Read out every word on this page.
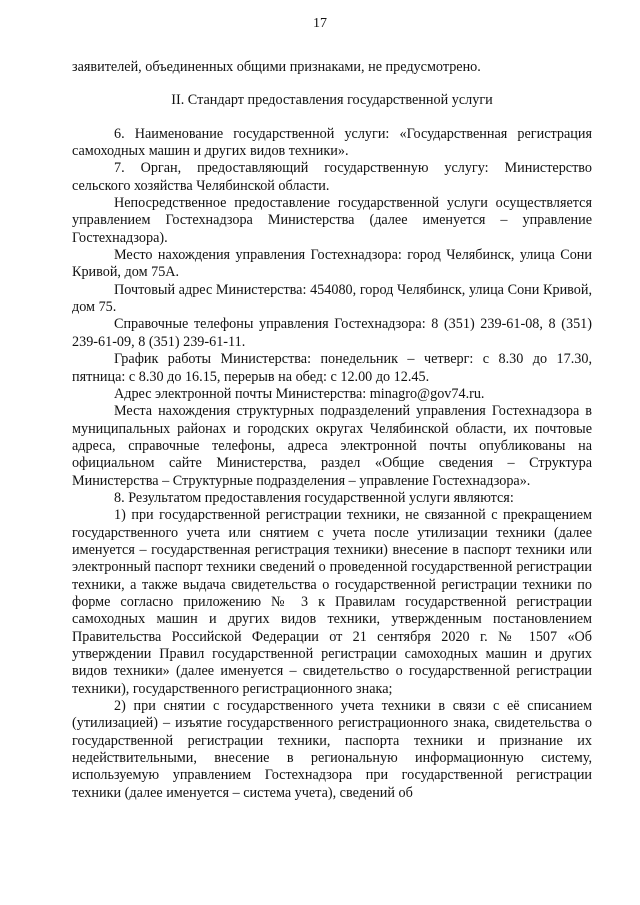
17

заявителей, объединенных общими признаками, не предусмотрено.

II. Стандарт предоставления государственной услуги

6. Наименование государственной услуги: «Государственная регистрация самоходных машин и других видов техники».

7. Орган, предоставляющий государственную услугу: Министерство сельского хозяйства Челябинской области.

Непосредственное предоставление государственной услуги осуществляется управлением Гостехнадзора Министерства (далее именуется – управление Гостехнадзора).

Место нахождения управления Гостехнадзора: город Челябинск, улица Сони Кривой, дом 75А.

Почтовый адрес Министерства: 454080, город Челябинск, улица Сони Кривой, дом 75.

Справочные телефоны управления Гостехнадзора: 8 (351) 239-61-08, 8 (351) 239-61-09, 8 (351) 239-61-11.

График работы Министерства: понедельник – четверг: с 8.30 до 17.30, пятница: с 8.30 до 16.15, перерыв на обед: с 12.00 до 12.45.

Адрес электронной почты Министерства: minagro@gov74.ru.

Места нахождения структурных подразделений управления Гостехнадзора в муниципальных районах и городских округах Челябинской области, их почтовые адреса, справочные телефоны, адреса электронной почты опубликованы на официальном сайте Министерства, раздел «Общие сведения – Структура Министерства – Структурные подразделения – управление Гостехнадзора».

8. Результатом предоставления государственной услуги являются:

1) при государственной регистрации техники, не связанной с прекращением государственного учета или снятием с учета после утилизации техники (далее именуется – государственная регистрация техники) внесение в паспорт техники или электронный паспорт техники сведений о проведенной государственной регистрации техники, а также выдача свидетельства о государственной регистрации техники по форме согласно приложению № 3 к Правилам государственной регистрации самоходных машин и других видов техники, утвержденным постановлением Правительства Российской Федерации от 21 сентября 2020 г. № 1507 «Об утверждении Правил государственной регистрации самоходных машин и других видов техники» (далее именуется – свидетельство о государственной регистрации техники), государственного регистрационного знака;

2) при снятии с государственного учета техники в связи с её списанием (утилизацией) – изъятие государственного регистрационного знака, свидетельства о государственной регистрации техники, паспорта техники и признание их недействительными, внесение в региональную информационную систему, используемую управлением Гостехнадзора при государственной регистрации техники (далее именуется – система учета), сведений об
